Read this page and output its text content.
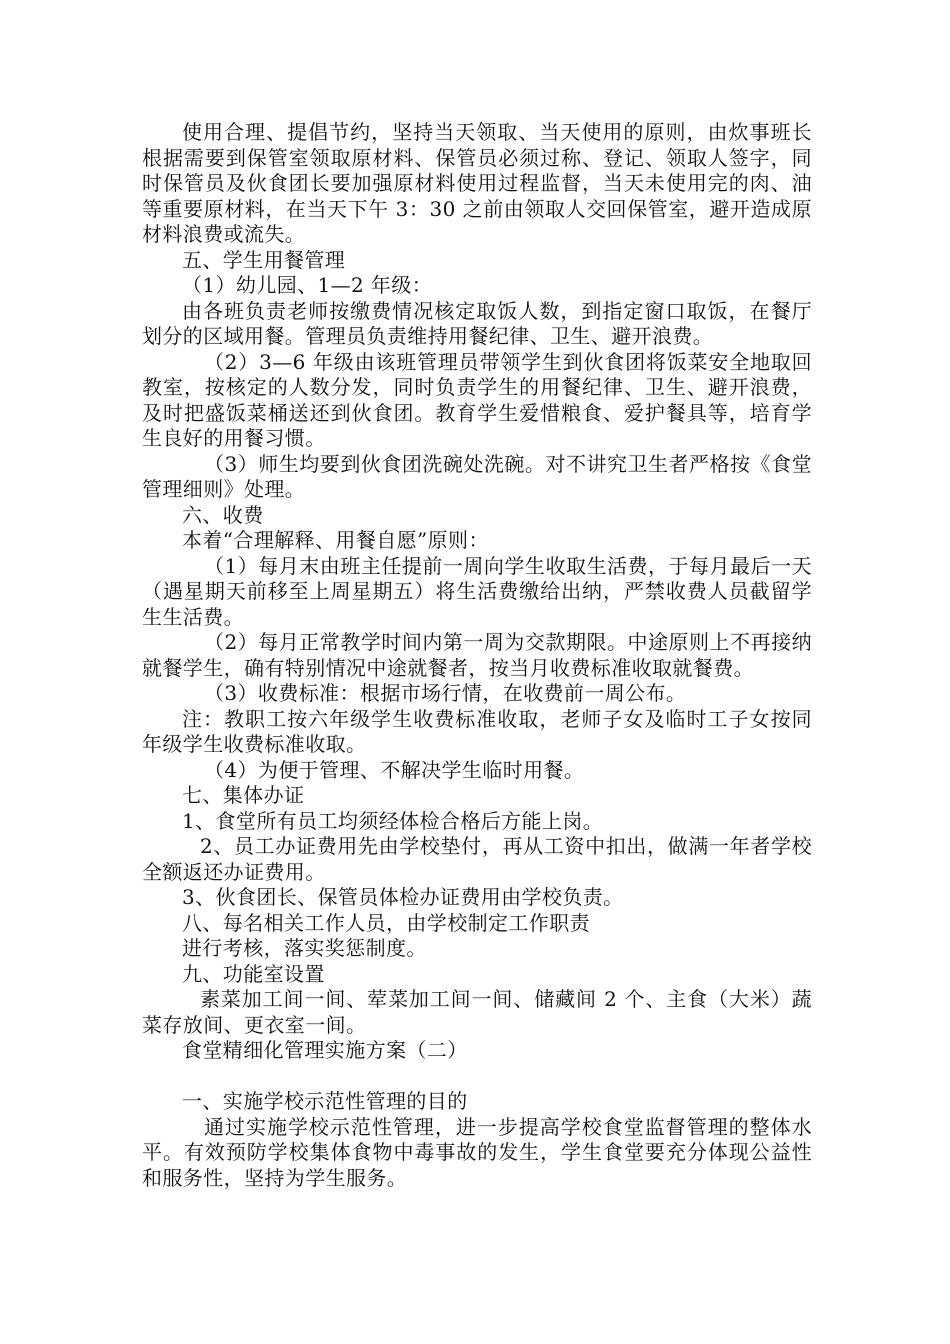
使用合理、提倡节约，坚持当天领取、当天使用的原则，由炊事班长根据需要到保管室领取原材料、保管员必须过称、登记、领取人签字，同时保管员及伙食团长要加强原材料使用过程监督，当天未使用完的肉、油等重要原材料，在当天下午 3：30 之前由领取人交回保管室，避开造成原材料浪费或流失。

五、学生用餐管理

（1）幼儿园、1—2 年级：

由各班负责老师按缴费情况核定取饭人数，到指定窗口取饭，在餐厅划分的区域用餐。管理员负责维持用餐纪律、卫生、避开浪费。

（2）3—6 年级由该班管理员带领学生到伙食团将饭菜安全地取回教室，按核定的人数分发，同时负责学生的用餐纪律、卫生、避开浪费，及时把盛饭菜桶送还到伙食团。教育学生爱惜粮食、爱护餐具等，培育学生良好的用餐习惯。

（3）师生均要到伙食团洗碗处洗碗。对不讲究卫生者严格按《食堂管理细则》处理。

六、收费

本着“合理解释、用餐自愿”原则：

（1）每月末由班主任提前一周向学生收取生活费，于每月最后一天（遇星期天前移至上周星期五）将生活费缴给出纳，严禁收费人员截留学生生活费。

（2）每月正常教学时间内第一周为交款期限。中途原则上不再接纳就餐学生，确有特别情况中途就餐者，按当月收费标准收取就餐费。

（3）收费标准：根据市场行情，在收费前一周公布。

注：教职工按六年级学生收费标准收取，老师子女及临时工子女按同年级学生收费标准收取。

（4）为便于管理、不解决学生临时用餐。

七、集体办证

1、食堂所有员工均须经体检合格后方能上岗。

2、员工办证费用先由学校垫付，再从工资中扣出，做满一年者学校全额返还办证费用。

3、伙食团长、保管员体检办证费用由学校负责。

八、每名相关工作人员，由学校制定工作职责

进行考核，落实奖惩制度。

九、功能室设置

素菜加工间一间、荤菜加工间一间、储藏间 2 个、主食（大米）蔬菜存放间、更衣室一间。

食堂精细化管理实施方案（二）

一、实施学校示范性管理的目的

通过实施学校示范性管理，进一步提高学校食堂监督管理的整体水平。有效预防学校集体食物中毒事故的发生，学生食堂要充分体现公益性和服务性，坚持为学生服务。
